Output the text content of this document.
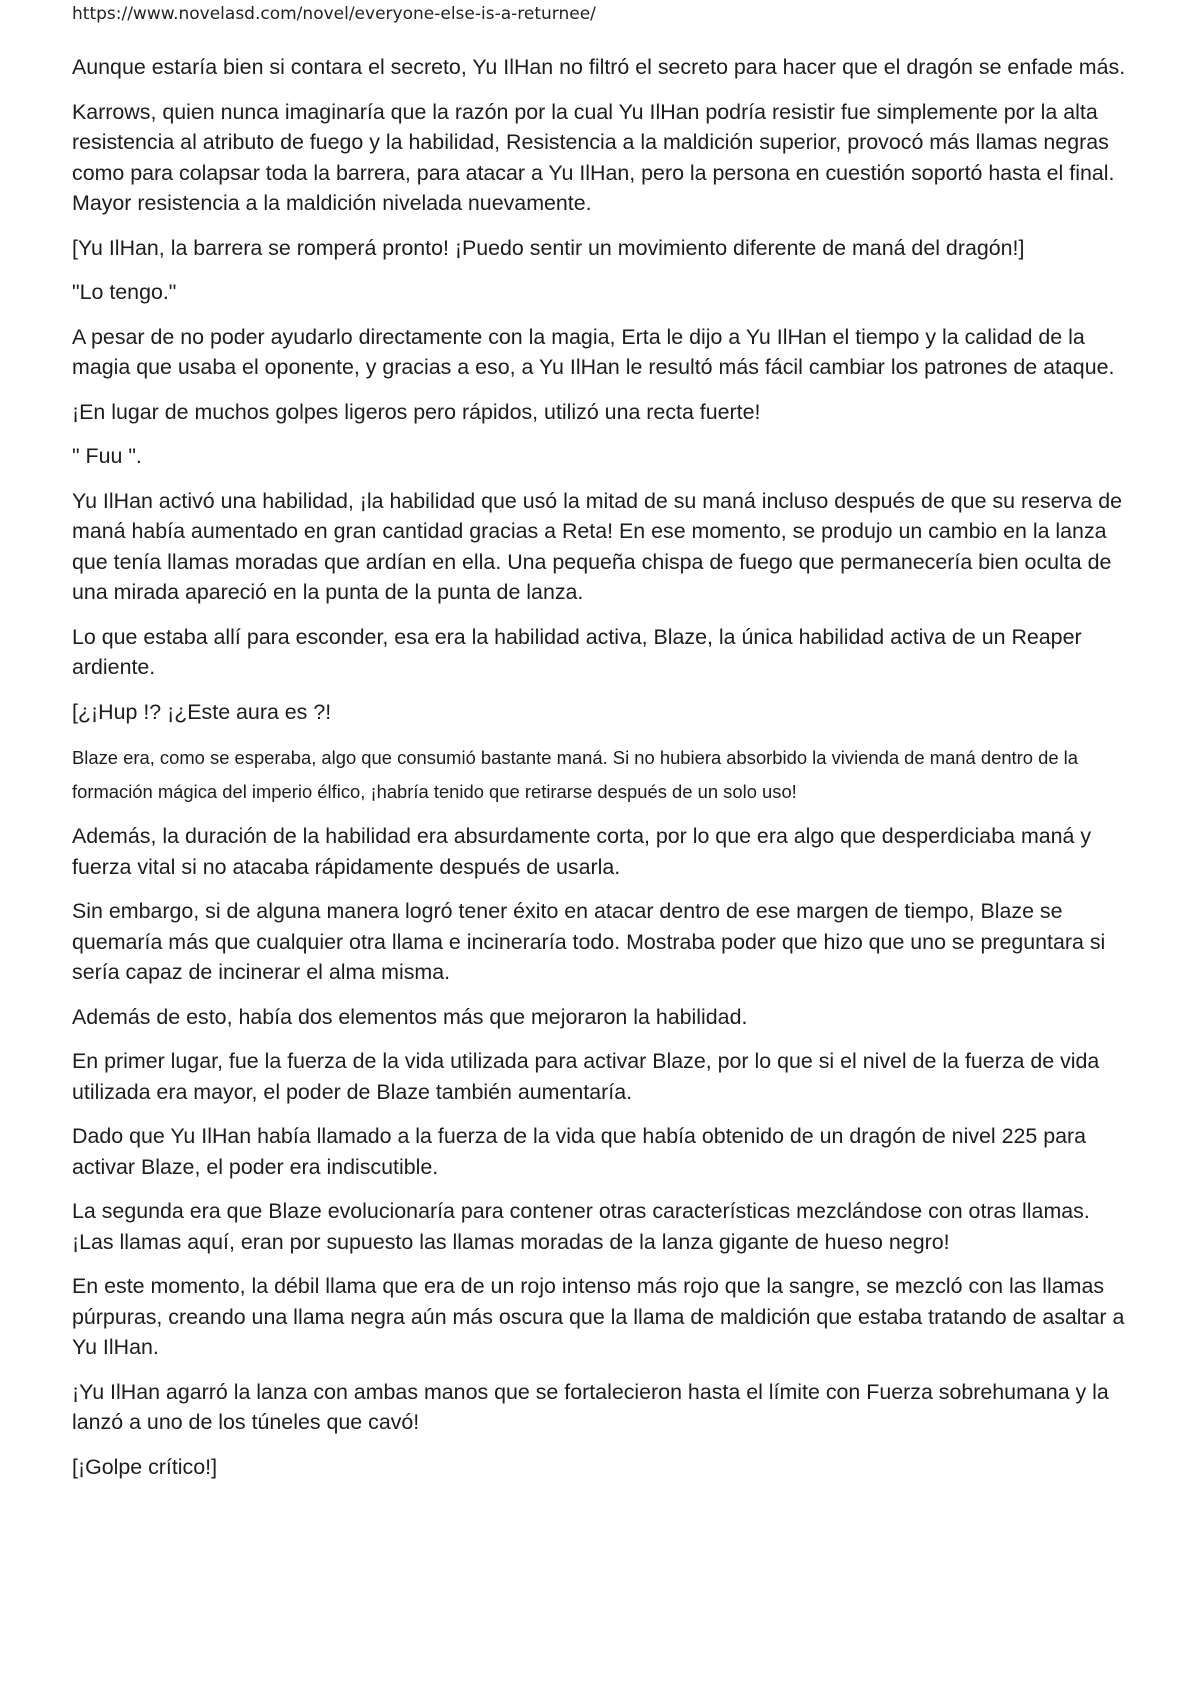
https://www.novelasd.com/novel/everyone-else-is-a-returnee/

Aunque estaría bien si contara el secreto, Yu IlHan no filtró el secreto para hacer que el dragón se enfade más.

Karrows, quien nunca imaginaría que la razón por la cual Yu IlHan podría resistir fue simplemente por la alta resistencia al atributo de fuego y la habilidad, Resistencia a la maldición superior, provocó más llamas negras como para colapsar toda la barrera, para atacar a Yu IlHan, pero la persona en cuestión soportó hasta el final. Mayor resistencia a la maldición nivelada nuevamente.

[Yu IlHan, la barrera se romperá pronto! ¡Puedo sentir un movimiento diferente de maná del dragón!]

"Lo tengo."

A pesar de no poder ayudarlo directamente con la magia, Erta le dijo a Yu IlHan el tiempo y la calidad de la magia que usaba el oponente, y gracias a eso, a Yu IlHan le resultó más fácil cambiar los patrones de ataque.

¡En lugar de muchos golpes ligeros pero rápidos, utilizó una recta fuerte!

" Fuu ".

Yu IlHan activó una habilidad, ¡la habilidad que usó la mitad de su maná incluso después de que su reserva de maná había aumentado en gran cantidad gracias a Reta! En ese momento, se produjo un cambio en la lanza que tenía llamas moradas que ardían en ella. Una pequeña chispa de fuego que permanecería bien oculta de una mirada apareció en la punta de la punta de lanza.

Lo que estaba allí para esconder, esa era la habilidad activa, Blaze, la única habilidad activa de un Reaper ardiente.

[¿¡Hup !? ¡¿Este aura es ?!

Blaze era, como se esperaba, algo que consumió bastante maná. Si no hubiera absorbido la vivienda de maná dentro de la formación mágica del imperio élfico, ¡habría tenido que retirarse después de un solo uso!

Además, la duración de la habilidad era absurdamente corta, por lo que era algo que desperdiciaba maná y fuerza vital si no atacaba rápidamente después de usarla.

Sin embargo, si de alguna manera logró tener éxito en atacar dentro de ese margen de tiempo, Blaze se quemaría más que cualquier otra llama e incineraría todo. Mostraba poder que hizo que uno se preguntara si sería capaz de incinerar el alma misma.

Además de esto, había dos elementos más que mejoraron la habilidad.

En primer lugar, fue la fuerza de la vida utilizada para activar Blaze, por lo que si el nivel de la fuerza de vida utilizada era mayor, el poder de Blaze también aumentaría.

Dado que Yu IlHan había llamado a la fuerza de la vida que había obtenido de un dragón de nivel 225 para activar Blaze, el poder era indiscutible.

La segunda era que Blaze evolucionaría para contener otras características mezclándose con otras llamas. ¡Las llamas aquí, eran por supuesto las llamas moradas de la lanza gigante de hueso negro!

En este momento, la débil llama que era de un rojo intenso más rojo que la sangre, se mezcló con las llamas púrpuras, creando una llama negra aún más oscura que la llama de maldición que estaba tratando de asaltar a Yu IlHan.

¡Yu IlHan agarró la lanza con ambas manos que se fortalecieron hasta el límite con Fuerza sobrehumana y la lanzó a uno de los túneles que cavó!

[¡Golpe crítico!]
